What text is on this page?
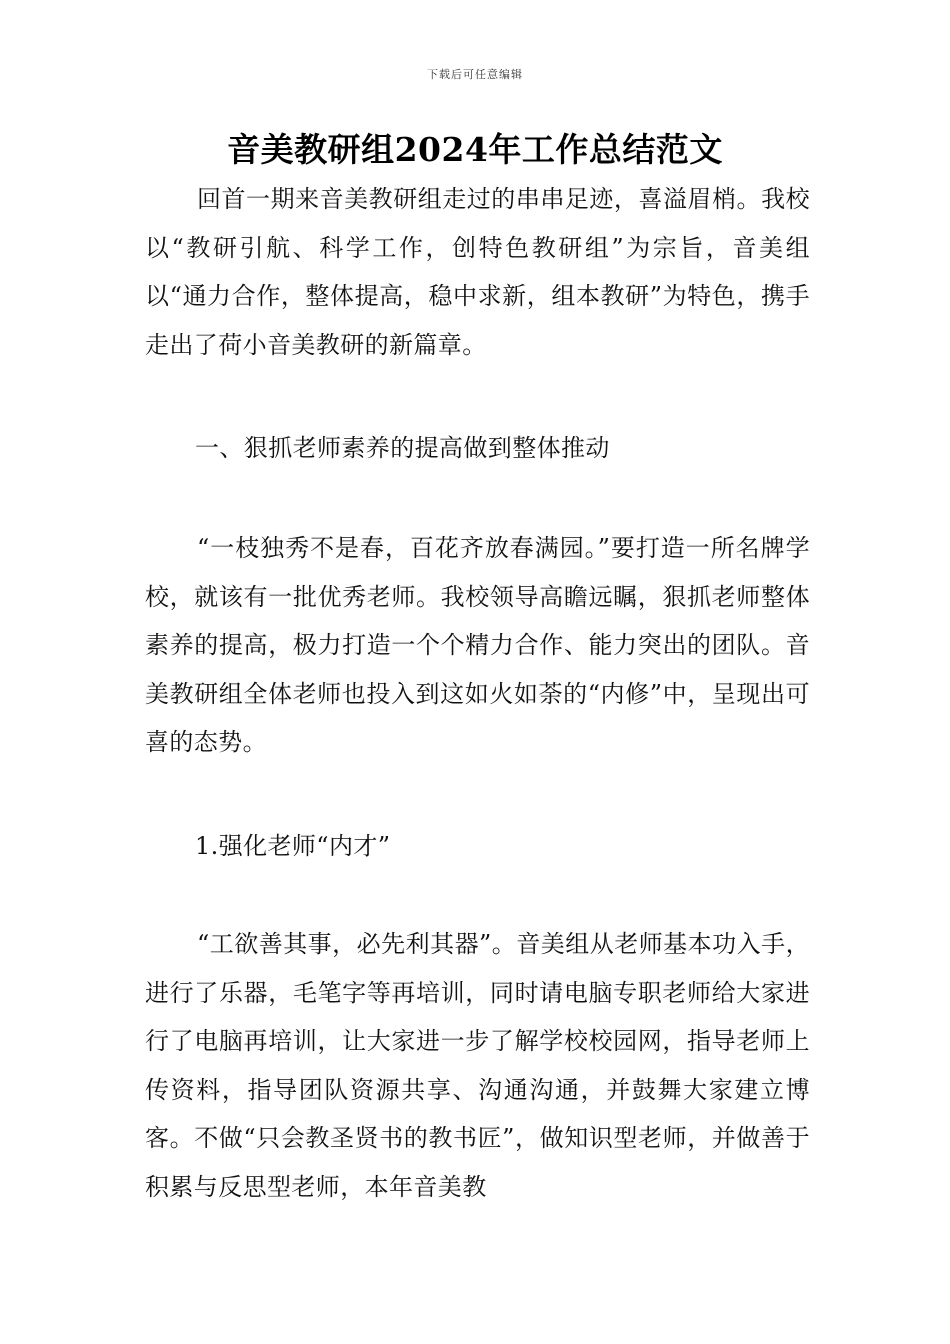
下载后可任意编辑
音美教研组2024年工作总结范文

回首一期来音美教研组走过的串串足迹，喜溢眉梢。我校以“教研引航、科学工作，创特色教研组”为宗旨，音美组以“通力合作，整体提高，稳中求新，组本教研”为特色，携手走出了荷小音美教研的新篇章。

一、狠抓老师素养的提高做到整体推动

“一枝独秀不是春，百花齐放春满园。”要打造一所名牌学校，就该有一批优秀老师。我校领导高瞻远瞩，狠抓老师整体素养的提高，极力打造一个个精力合作、能力突出的团队。音美教研组全体老师也投入到这如火如荼的“内修”中，呈现出可喜的态势。

1.强化老师“内才”

“工欲善其事，必先利其器”。音美组从老师基本功入手，进行了乐器，毛笔字等再培训，同时请电脑专职老师给大家进行了电脑再培训，让大家进一步了解学校校园网，指导老师上传资料，指导团队资源共享、沟通沟通，并鼓舞大家建立博客。不做“只会教圣贤书的教书匠”，做知识型老师，并做善于积累与反思型老师，本年音美教
